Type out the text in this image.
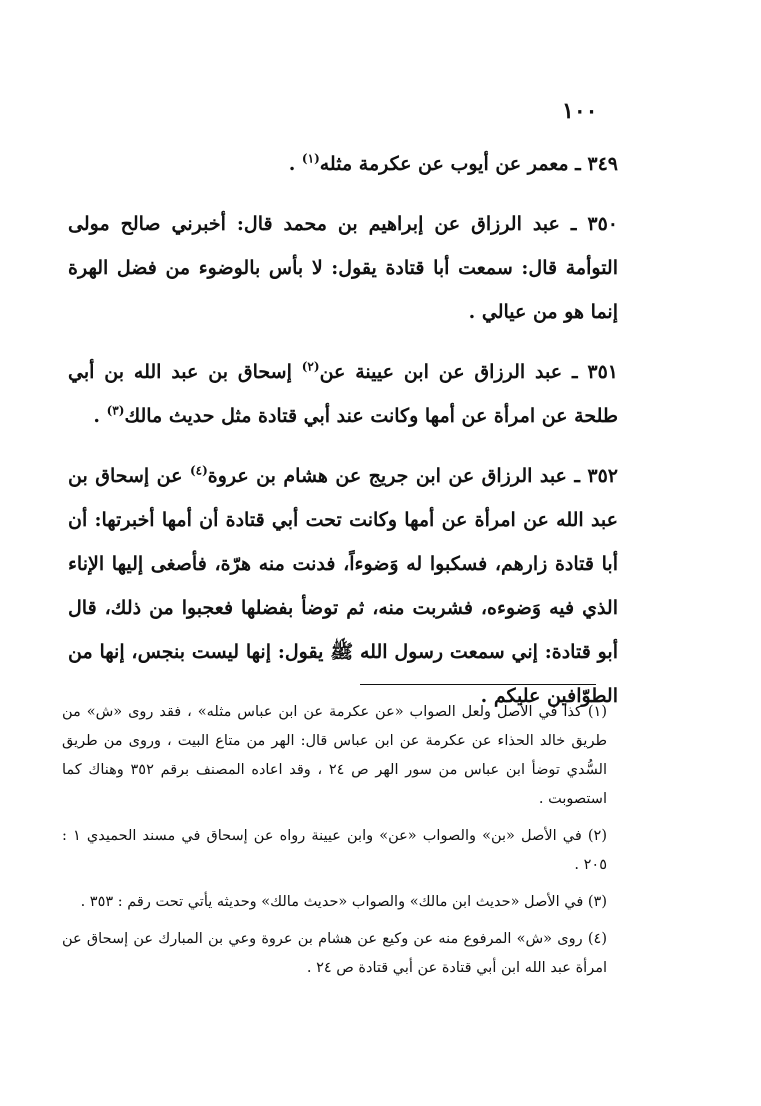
١٠٠

٣٤٩ ـ معمر عن أيوب عن عكرمة مثله$^{(١)}$ .

٣٥٠ ـ عبد الرزاق عن إبراهيم بن محمد قال: أخبرني صالح مولى التوأمة قال: سمعت أبا قتادة يقول: لا بأس بالوضوء من فضل الهرة إنما هو من عيالي .

٣٥١ ـ عبد الرزاق عن ابن عيينة عن$^{(٢)}$ إسحاق بن عبد الله بن أبي طلحة عن امرأة عن أمها وكانت عند أبي قتادة مثل حديث مالك$^{(٣)}$ .

٣٥٢ ـ عبد الرزاق عن ابن جريج عن هشام بن عروة$^{(٤)}$ عن إسحاق بن عبد الله عن امرأة عن أمها وكانت تحت أبي قتادة أن أمها أخبرتها: أن أبا قتادة زارهم، فسكبوا له وَضوءاً، فدنت منه هرّة، فأصغى إليها الإناء الذي فيه وَضوءه، فشربت منه، ثم توضأ بفضلها فعجبوا من ذلك، قال أبو قتادة: إني سمعت رسول الله ﷺ يقول: إنها ليست بنجس، إنها من الطوّافين عليكم .

(١) كذا في الأصل ولعل الصواب «عن عكرمة عن ابن عباس مثله» ، فقد روى «ش» من طريق خالد الحذاء عن عكرمة عن ابن عباس قال: الهر من متاع البيت ، وروى من طريق السُّدي توضأ ابن عباس من سور الهر ص ٢٤ ، وقد اعاده المصنف برقم ٣٥٢ وهناك كما استصوبت .

(٢) في الأصل «بن» والصواب «عن» وابن عيينة رواه عن إسحاق في مسند الحميدي ١ : ٢٠٥ .

(٣) في الأصل «حديث ابن مالك» والصواب «حديث مالك» وحديثه يأتي تحت رقم : ٣٥٣ .

(٤) روى «ش» المرفوع منه عن وكيع عن هشام بن عروة وعي بن المبارك عن إسحاق عن امرأة عبد الله ابن أبي قتادة عن أبي قتادة ص ٢٤ .
